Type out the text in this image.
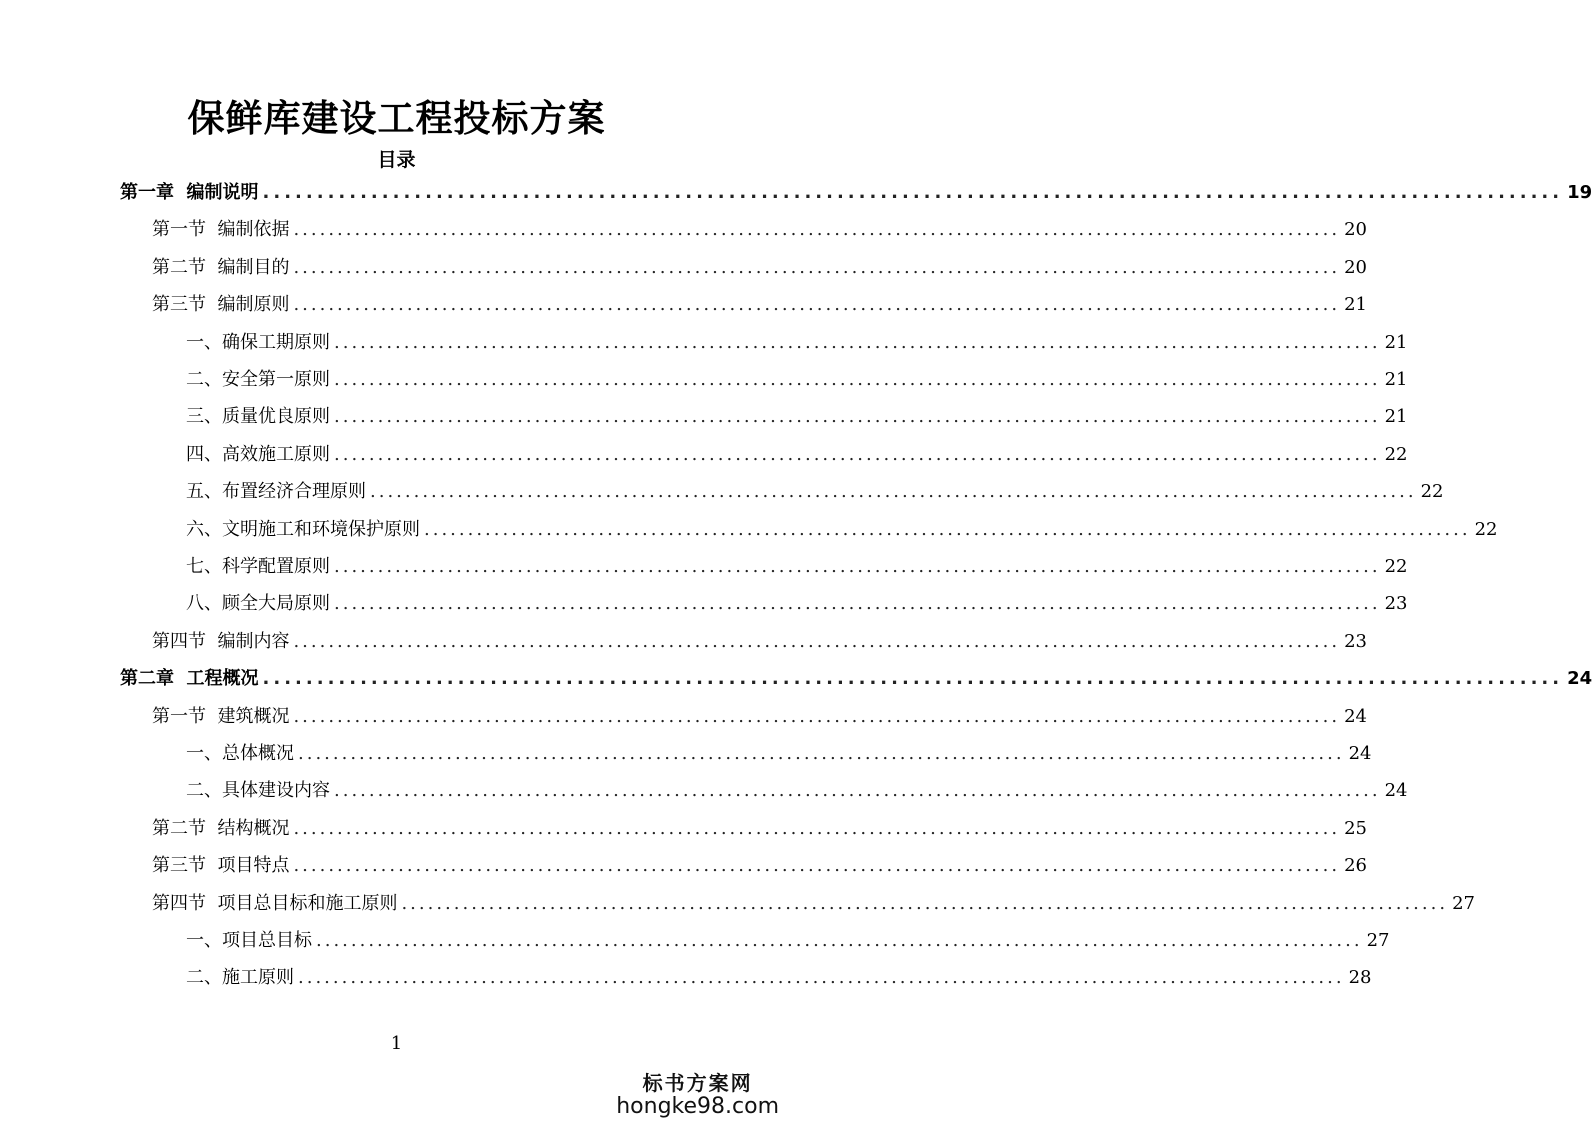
保鲜库建设工程投标方案
目录
第一章  编制说明 ........................................................................................................................ 19
第一节  编制依据 ........................................................................................................................ 20
第二节  编制目的 ........................................................................................................................ 20
第三节  编制原则 ........................................................................................................................ 21
一、确保工期原则 ........................................................................................................................ 21
二、安全第一原则 ........................................................................................................................ 21
三、质量优良原则 ........................................................................................................................ 21
四、高效施工原则 ........................................................................................................................ 22
五、布置经济合理原则 ........................................................................................................................ 22
六、文明施工和环境保护原则 ........................................................................................................................ 22
七、科学配置原则 ........................................................................................................................ 22
八、顾全大局原则 ........................................................................................................................ 23
第四节  编制内容 ........................................................................................................................ 23
第二章  工程概况 ........................................................................................................................ 24
第一节  建筑概况 ........................................................................................................................ 24
一、总体概况 ........................................................................................................................ 24
二、具体建设内容 ........................................................................................................................ 24
第二节  结构概况 ........................................................................................................................ 25
第三节  项目特点 ........................................................................................................................ 26
第四节  项目总目标和施工原则 ........................................................................................................................ 27
一、项目总目标 ........................................................................................................................ 27
二、施工原则 ........................................................................................................................ 28
1
标书方案网
hongke98.com
